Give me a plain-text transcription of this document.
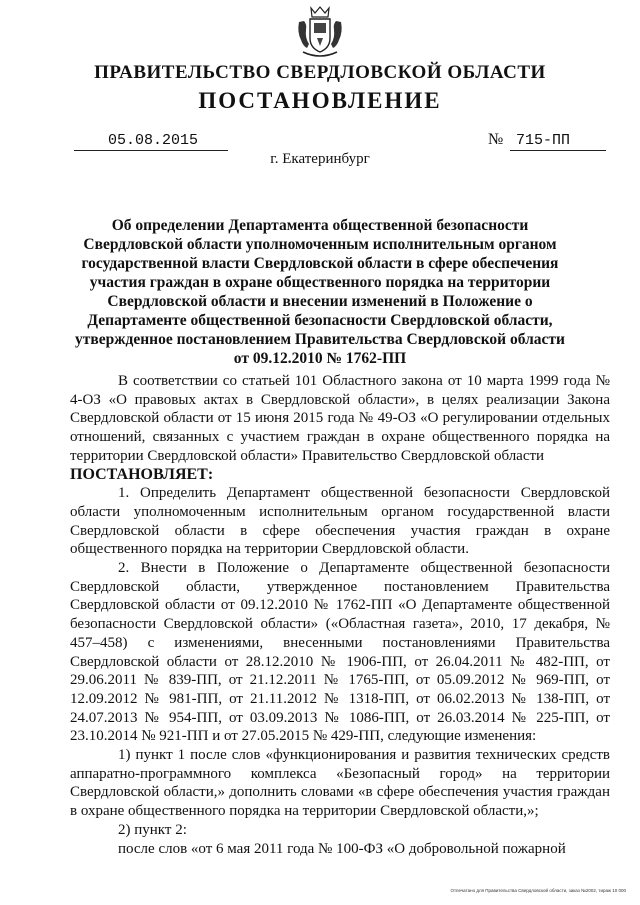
ПРАВИТЕЛЬСТВО СВЕРДЛОВСКОЙ ОБЛАСТИ
ПОСТАНОВЛЕНИЕ
05.08.2015	№ 715-ПП
г. Екатеринбург
Об определении Департамента общественной безопасности Свердловской области уполномоченным исполнительным органом государственной власти Свердловской области в сфере обеспечения участия граждан в охране общественного порядка на территории Свердловской области и внесении изменений в Положение о Департаменте общественной безопасности Свердловской области, утвержденное постановлением Правительства Свердловской области от 09.12.2010 № 1762-ПП

В соответствии со статьей 101 Областного закона от 10 марта 1999 года № 4-ОЗ «О правовых актах в Свердловской области», в целях реализации Закона Свердловской области от 15 июня 2015 года № 49-ОЗ «О регулировании отдельных отношений, связанных с участием граждан в охране общественного порядка на территории Свердловской области» Правительство Свердловской области

ПОСТАНОВЛЯЕТ:

1. Определить Департамент общественной безопасности Свердловской области уполномоченным исполнительным органом государственной власти Свердловской области в сфере обеспечения участия граждан в охране общественного порядка на территории Свердловской области.

2. Внести в Положение о Департаменте общественной безопасности Свердловской области, утвержденное постановлением Правительства Свердловской области от 09.12.2010 № 1762-ПП «О Департаменте общественной безопасности Свердловской области» («Областная газета», 2010, 17 декабря, № 457–458) с изменениями, внесенными постановлениями Правительства Свердловской области от 28.12.2010 № 1906-ПП, от 26.04.2011 № 482-ПП, от 29.06.2011 № 839-ПП, от 21.12.2011 № 1765-ПП, от 05.09.2012 № 969-ПП, от 12.09.2012 № 981-ПП, от 21.11.2012 № 1318-ПП, от 06.02.2013 № 138-ПП, от 24.07.2013 № 954-ПП, от 03.09.2013 № 1086-ПП, от 26.03.2014 № 225-ПП, от 23.10.2014 № 921-ПП и от 27.05.2015 № 429-ПП, следующие изменения:

1) пункт 1 после слов «функционирования и развития технических средств аппаратно-программного комплекса «Безопасный город» на территории Свердловской области,» дополнить словами «в сфере обеспечения участия граждан в охране общественного порядка на территории Свердловской области,»;

2) пункт 2:

после слов «от 6 мая 2011 года № 100-ФЗ «О добровольной пожарной

Отпечатано для Правительства Свердловской области, заказ №2002, тираж 10 000
